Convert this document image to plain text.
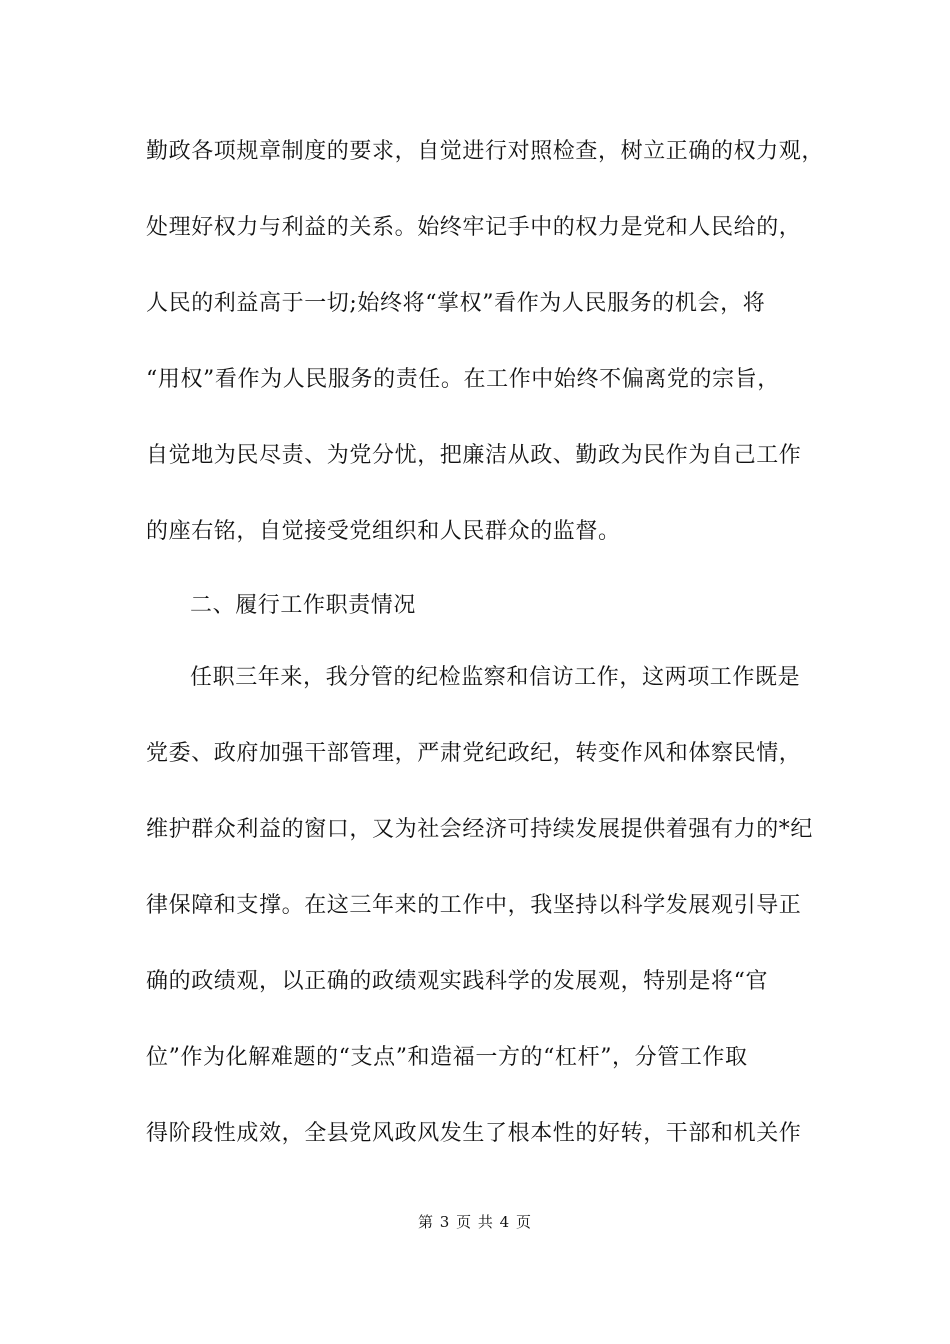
勤政各项规章制度的要求，自觉进行对照检查，树立正确的权力观，
处理好权力与利益的关系。始终牢记手中的权力是党和人民给的，
人民的利益高于一切;始终将“掌权”看作为人民服务的机会，将
“用权”看作为人民服务的责任。在工作中始终不偏离党的宗旨，
自觉地为民尽责、为党分忧，把廉洁从政、勤政为民作为自己工作
的座右铭，自觉接受党组织和人民群众的监督。
二、履行工作职责情况
任职三年来，我分管的纪检监察和信访工作，这两项工作既是
党委、政府加强干部管理，严肃党纪政纪，转变作风和体察民情，
维护群众利益的窗口，又为社会经济可持续发展提供着强有力的*纪
律保障和支撑。在这三年来的工作中，我坚持以科学发展观引导正
确的政绩观，以正确的政绩观实践科学的发展观，特别是将“官
位”作为化解难题的“支点”和造福一方的“杠杆”，分管工作取
得阶段性成效，全县党风政风发生了根本性的好转，干部和机关作
第 3 页 共 4 页
